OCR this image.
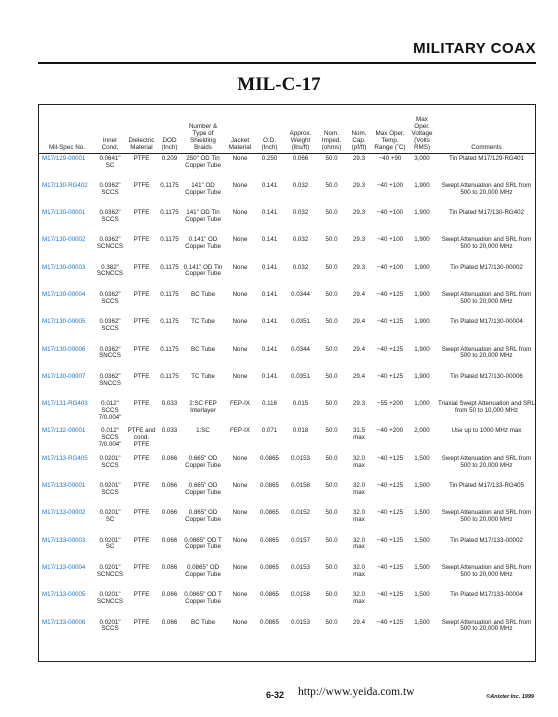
MILITARY COAX
MIL-C-17
Mil-Spec No.	Inner Cond.	Dielectric Material	DOD (Inch)	Number & Type of Shielding Braids	Jacket Material	O.D. (Inch)	Approx. Weight (lbs/ft)	Nom. Imped. (ohms)	Nom. Cap. (pf/ft)	Max Oper. Temp. Range (˚C)	Max Oper. Voltage (Volts RMS)	Comments
M17/129-00001	0.0641" SC	PTFE	0.209	250" OD Tin Copper Tube	None	0.250	0.066	50.0	29.3	−40 +90	3,000	Tin Plated M17/129-RG401
M17/130-RG402	0.0362" SCCS	PTFE	0.1175	141" OD Copper Tube	None	0.141	0.032	50.0	29.3	−40 +100	1,900	Swept Attenuation and SRL from 500 to 20,000 MHz
M17/130-00001	0.0362" SCCS	PTFE	0.1175	141" OD Tin Copper Tube	None	0.141	0.032	50.0	29.3	−40 +100	1,900	Tin Plated M17/130-RG402
M17/130-00002	0.0362" SCNCCS	PTFE	0.1175	0.141" OD Copper Tube	None	0.141	0.032	50.0	29.3	−40 +100	1,900	Swept Attenuation and SRL from 500 to 20,000 MHz
M17/130-00003	0.382" SCNCCS	PTFE	0.1175	0.141" OD Tin Copper Tube	None	0.141	0.032	50.0	29.3	−40 +100	1,900	Tin Plated M17/130-00002
M17/130-00004	0.0362" SCCS	PTFE	0.1175	BC Tube	None	0.141	0.0344	50.0	29.4	−40 +125	1,900	Swept Attenuation and SRL from 500 to 20,000 MHz
M17/130-00005	0.0362" SCCS	PTFE	0.1175	TC Tube	None	0.141	0.0351	50.0	29.4	−40 +125	1,900	Tin Plated M17/130-00004
M17/130-00006	0.0362" SNCCS	PTFE	0.1175	BC Tube	None	0.141	0.0344	50.0	29.4	−40 +125	1,900	Swept Attenuation and SRL from 500 to 20,000 MHz
M17/130-00007	0.0362" SNCCS	PTFE	0.1175	TC Tube	None	0.141	0.0351	50.0	29.4	−40 +125	1,900	Tin Plated M17/130-00006
M17/131-RG403	0.012" SCCS 7/0.004"	PTFE	0.033	2:SC FEP Interlayer	FEP-IX	0.116	0.015	50.0	29.3	−55 +200	1,000	Triaxial Swept Attenuation and SRL from 50 to 10,000 MHz
M17/132-00001	0.012" SCCS 7/0.004"	PTFE and cond. PTFE	0.033	1:SC	FEP-IX	0.071	0.018	50.0	31.5 max	−40 +200	2,000	Use up to 1000 MHz max
M17/133-RG405	0.0201" SCCS	PTFE	0.066	0.665" OD Copper Tube	None	0.0865	0.0153	50.0	32.0 max	−40 +125	1,500	Swept Attenuation and SRL from 500 to 20,000 MHz
M17/133-00001	0.0201" SCCS	PTFE	0.066	0.665" OD Copper Tube	None	0.0865	0.0158	50.0	32.0 max	−40 +125	1,500	Tin Plated M17/133-RG405
M17/133-00002	0.0201" SC	PTFE	0.066	0.865" OD Copper Tube	None	0.0865	0.0152	50.0	32.0 max	−40 +125	1,500	Swept Attenuation and SRL from 500 to 20,000 MHz
M17/133-00003	0.0201" SC	PTFE	0.066	0.0865" OD T Copper Tube	None	0.0865	0.0157	50.0	32.0 max	−40 +125	1,500	Tin Plated M17/133-00002
M17/133-00004	0.0201" SCNCCS	PTFE	0.066	0.0865" OD Copper Tube	None	0.0865	0.0153	50.0	32.0 max	−40 +125	1,500	Swept Attenuation and SRL from 500 to 20,000 MHz
M17/133-00005	0.0201" SCNCCS	PTFE	0.066	0.0865" OD T Copper Tube	None	0.0865	0.0158	50.0	32.0 max	−40 +125	1,500	Tin Plated M17/133-00004
M17/133-00006	0.0201" SCCS	PTFE	0.066	BC Tube	None	0.0865	0.0153	50.0	29.4	−40 +125	1,500	Swept Attenuation and SRL from 500 to 20,000 MHz
6-32 http://www.yeida.com.tw	©Anixter Inc. 1999
